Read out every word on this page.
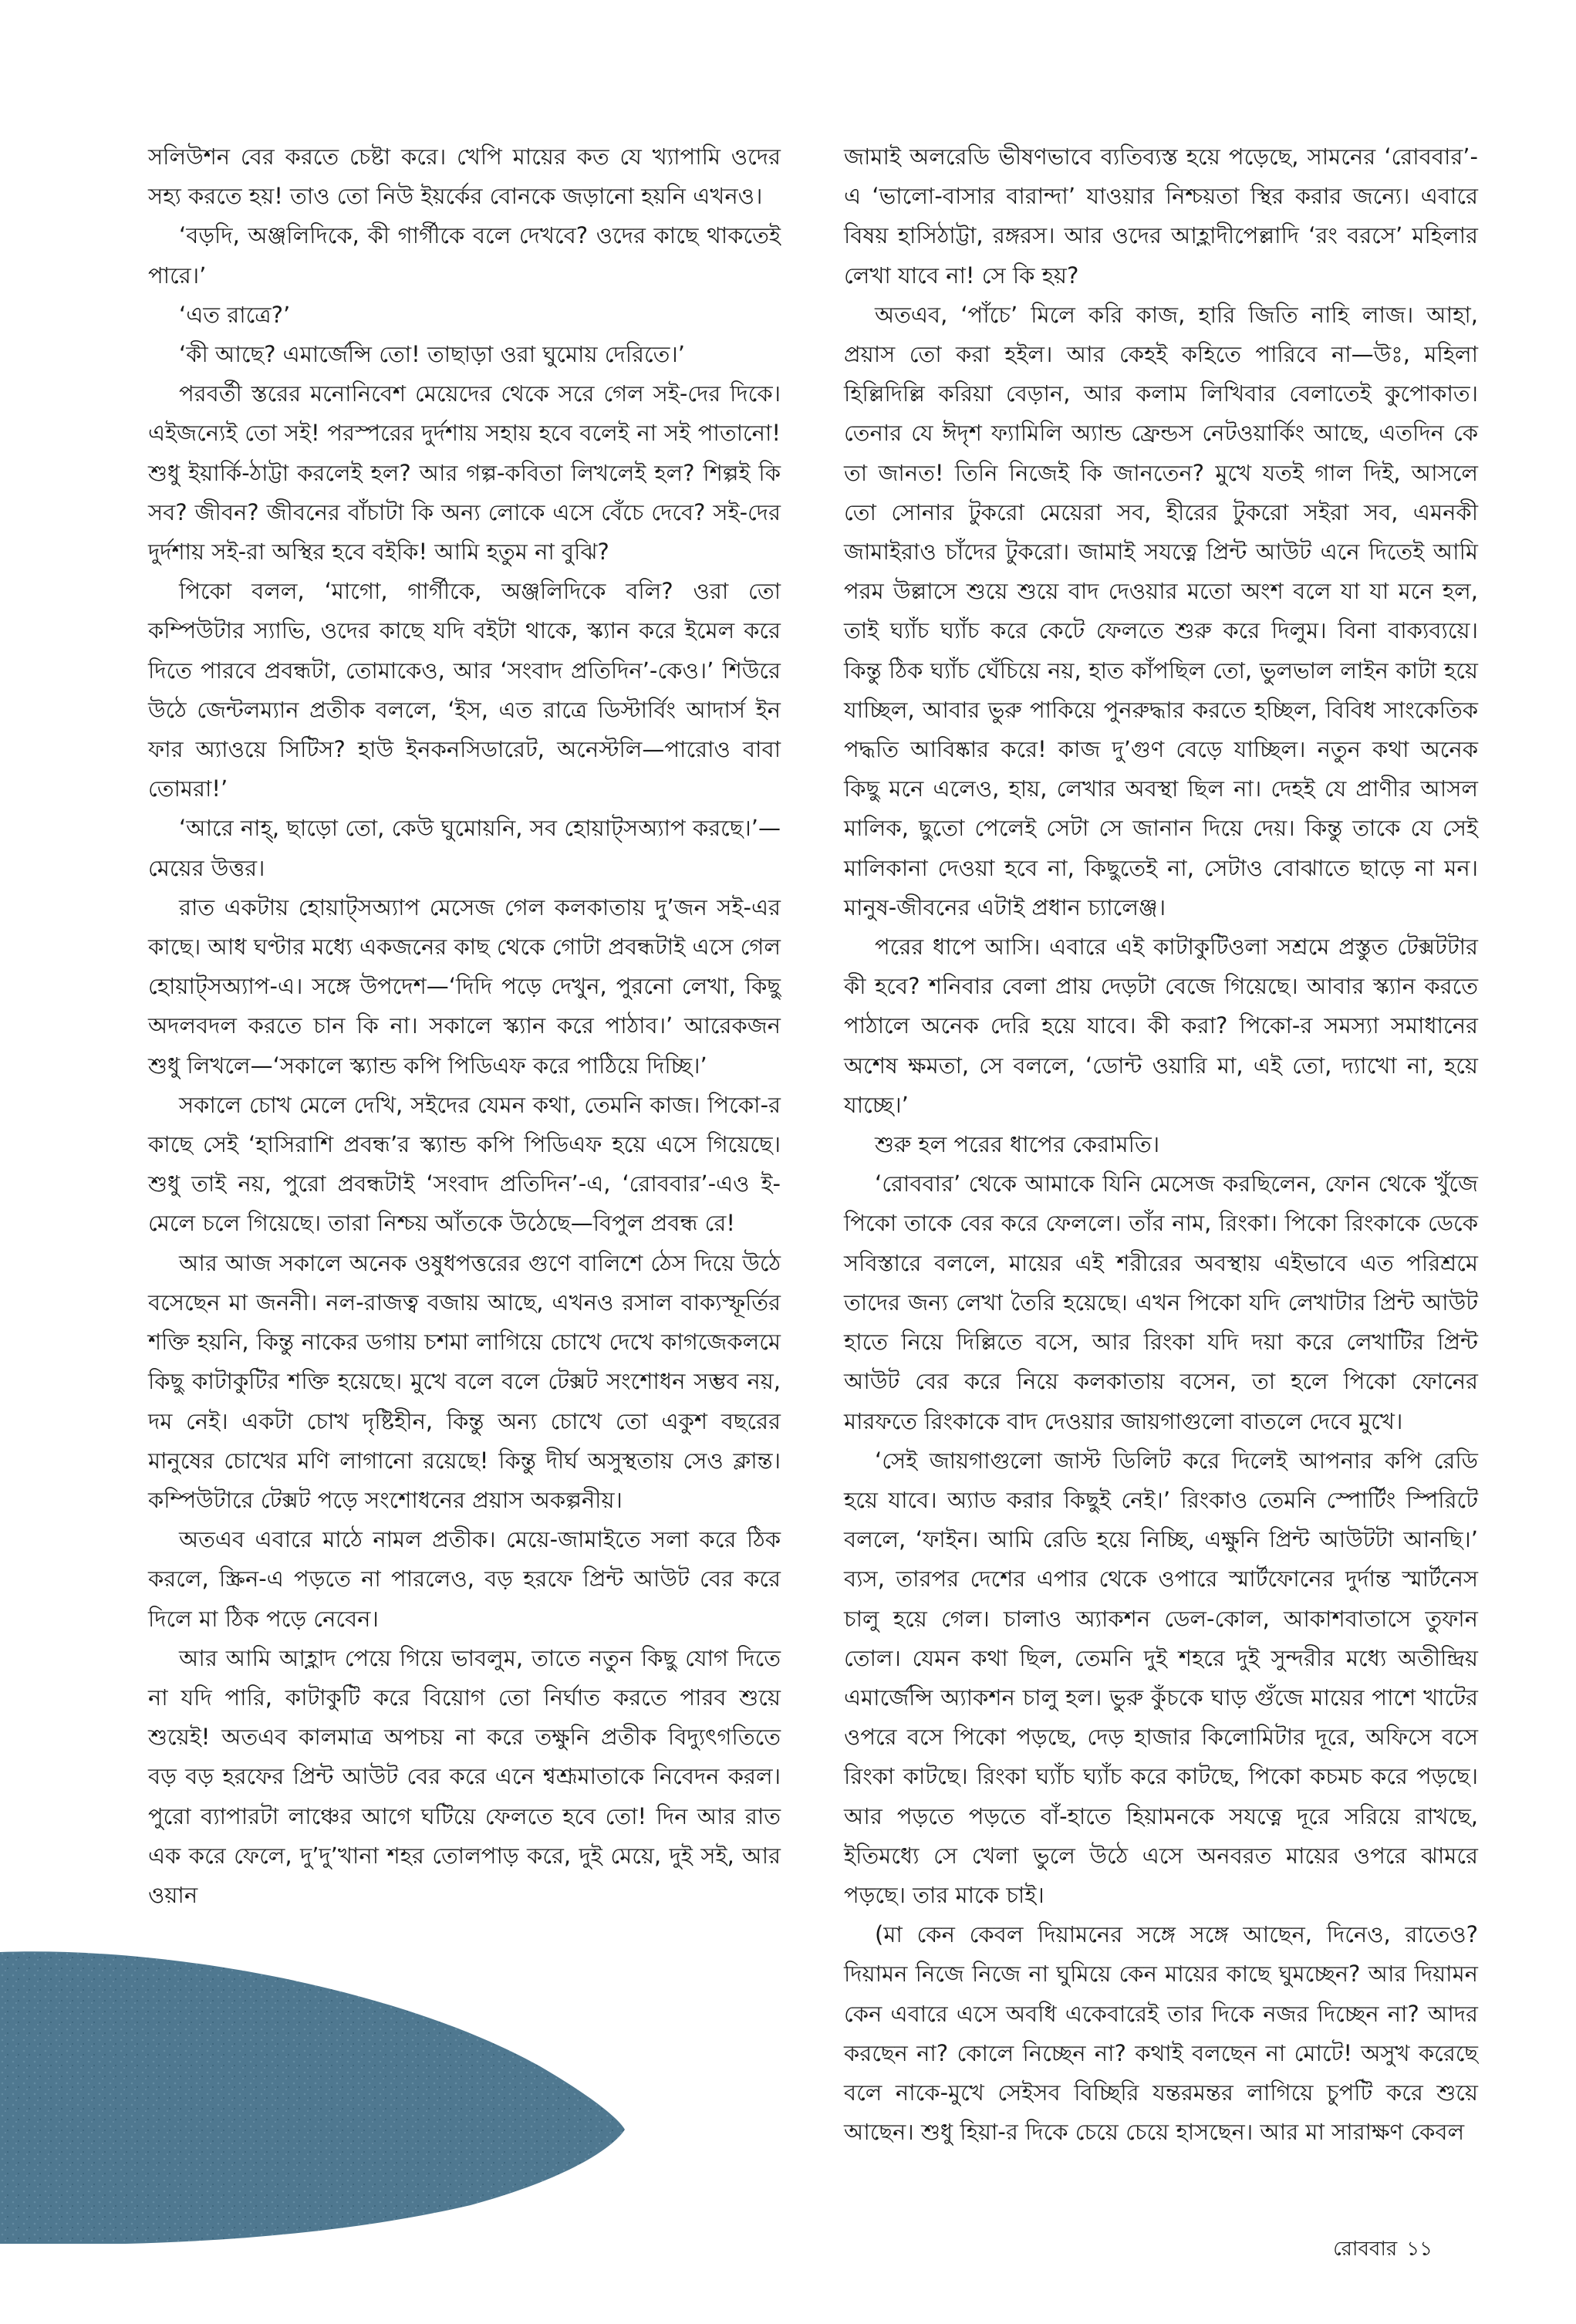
সলিউশন বের করতে চেষ্টা করে। খেপি মায়ের কত যে খ্যাপামি ওদের সহ্য করতে হয়! তাও তো নিউ ইয়র্কের বোনকে জড়ানো হয়নি এখনও।

‘বড়দি, অঞ্জলিদিকে, কী গার্গীকে বলে দেখবে? ওদের কাছে থাকতেই পারে।’

‘এত রাত্রে?’

‘কী আছে? এমার্জেন্সি তো! তাছাড়া ওরা ঘুমোয় দেরিতে।’

পরবর্তী স্তরের মনোনিবেশ মেয়েদের থেকে সরে গেল সই-দের দিকে। এইজন্যেই তো সই! পরস্পরের দুর্দশায় সহায় হবে বলেই না সই পাতানো! শুধু ইয়ার্কি-ঠাট্টা করলেই হল? আর গল্প-কবিতা লিখলেই হল? শিল্পই কি সব? জীবন? জীবনের বাঁচাটা কি অন্য লোকে এসে বেঁচে দেবে? সই-দের দুর্দশায় সই-রা অস্থির হবে বইকি! আমি হতুম না বুঝি?

পিকো বলল, ‘মাগো, গার্গীকে, অঞ্জলিদিকে বলি? ওরা তো কম্পিউটার স্যাভি, ওদের কাছে যদি বইটা থাকে, স্ক্যান করে ইমেল করে দিতে পারবে প্রবন্ধটা, তোমাকেও, আর ‘সংবাদ প্রতিদিন’-কেও।’ শিউরে উঠে জেন্টলম্যান প্রতীক বললে, ‘ইস, এত রাত্রে ডিস্টার্বিং আদার্স ইন ফার অ্যাওয়ে সিটিস? হাউ ইনকনসিডারেট, অনেস্টলি—পারোও বাবা তোমরা!’

‘আরে নাহ্, ছাড়ো তো, কেউ ঘুমোয়নি, সব হোয়াট্সঅ্যাপ করছে।’—মেয়ের উত্তর।

রাত একটায় হোয়াট্সঅ্যাপ মেসেজ গেল কলকাতায় দু’জন সই-এর কাছে। আধ ঘণ্টার মধ্যে একজনের কাছ থেকে গোটা প্রবন্ধটাই এসে গেল হোয়াট্সঅ্যাপ-এ। সঙ্গে উপদেশ—‘দিদি পড়ে দেখুন, পুরনো লেখা, কিছু অদলবদল করতে চান কি না। সকালে স্ক্যান করে পাঠাব।’ আরেকজন শুধু লিখলে—‘সকালে স্ক্যান্ড কপি পিডিএফ করে পাঠিয়ে দিচ্ছি।’

সকালে চোখ মেলে দেখি, সইদের যেমন কথা, তেমনি কাজ। পিকো-র কাছে সেই ‘হাসিরাশি প্রবন্ধ’র স্ক্যান্ড কপি পিডিএফ হয়ে এসে গিয়েছে। শুধু তাই নয়, পুরো প্রবন্ধটাই ‘সংবাদ প্রতিদিন’-এ, ‘রোববার’-এও ই-মেলে চলে গিয়েছে। তারা নিশ্চয় আঁতকে উঠেছে—বিপুল প্রবন্ধ রে!

আর আজ সকালে অনেক ওষুধপত্তরের গুণে বালিশে ঠেস দিয়ে উঠে বসেছেন মা জননী। নল-রাজত্ব বজায় আছে, এখনও রসাল বাক্যস্ফূর্তির শক্তি হয়নি, কিন্তু নাকের ডগায় চশমা লাগিয়ে চোখে দেখে কাগজেকলমে কিছু কাটাকুটির শক্তি হয়েছে। মুখে বলে বলে টেক্সট সংশোধন সম্ভব নয়, দম নেই। একটা চোখ দৃষ্টিহীন, কিন্তু অন্য চোখে তো একুশ বছরের মানুষের চোখের মণি লাগানো রয়েছে! কিন্তু দীর্ঘ অসুস্থতায় সেও ক্লান্ত। কম্পিউটারে টেক্সট পড়ে সংশোধনের প্রয়াস অকল্পনীয়।

অতএব এবারে মাঠে নামল প্রতীক। মেয়ে-জামাইতে সলা করে ঠিক করলে, স্ক্রিন-এ পড়তে না পারলেও, বড় হরফে প্রিন্ট আউট বের করে দিলে মা ঠিক পড়ে নেবেন।

আর আমি আহ্লাদ পেয়ে গিয়ে ভাবলুম, তাতে নতুন কিছু যোগ দিতে না যদি পারি, কাটাকুটি করে বিয়োগ তো নির্ঘাত করতে পারব শুয়ে শুয়েই! অতএব কালমাত্র অপচয় না করে তক্ষুনি প্রতীক বিদ্যুৎগতিতে বড় বড় হরফের প্রিন্ট আউট বের করে এনে শ্বশ্রূমাতাকে নিবেদন করল। পুরো ব্যাপারটা লাঞ্চের আগে ঘটিয়ে ফেলতে হবে তো! দিন আর রাত এক করে ফেলে, দু’দু’খানা শহর তোলপাড় করে, দুই মেয়ে, দুই সই, আর ওয়ান

জামাই অলরেডি ভীষণভাবে ব্যতিব্যস্ত হয়ে পড়েছে, সামনের ‘রোববার’-এ ‘ভালো-বাসার বারান্দা’ যাওয়ার নিশ্চয়তা স্থির করার জন্যে। এবারে বিষয় হাসিঠাট্টা, রঙ্গরস। আর ওদের আহ্লাদীপেল্লাদি ‘রং বরসে’ মহিলার লেখা যাবে না! সে কি হয়?

অতএব, ‘পাঁচে’ মিলে করি কাজ, হারি জিতি নাহি লাজ। আহা, প্রয়াস তো করা হইল। আর কেহই কহিতে পারিবে না—উঃ, মহিলা হিল্লিদিল্লি করিয়া বেড়ান, আর কলাম লিখিবার বেলাতেই কুপোকাত। তেনার যে ঈদৃশ ফ্যামিলি অ্যান্ড ফ্রেন্ডস নেটওয়ার্কিং আছে, এতদিন কে তা জানত! তিনি নিজেই কি জানতেন? মুখে যতই গাল দিই, আসলে তো সোনার টুকরো মেয়েরা সব, হীরের টুকরো সইরা সব, এমনকী জামাইরাও চাঁদের টুকরো। জামাই সযত্নে প্রিন্ট আউট এনে দিতেই আমি পরম উল্লাসে শুয়ে শুয়ে বাদ দেওয়ার মতো অংশ বলে যা যা মনে হল, তাই ঘ্যাঁচ ঘ্যাঁচ করে কেটে ফেলতে শুরু করে দিলুম। বিনা বাক্যব্যয়ে। কিন্তু ঠিক ঘ্যাঁচ ঘেঁচিয়ে নয়, হাত কাঁপছিল তো, ভুলভাল লাইন কাটা হয়ে যাচ্ছিল, আবার ভুরু পাকিয়ে পুনরুদ্ধার করতে হচ্ছিল, বিবিধ সাংকেতিক পদ্ধতি আবিষ্কার করে! কাজ দু’গুণ বেড়ে যাচ্ছিল। নতুন কথা অনেক কিছু মনে এলেও, হায়, লেখার অবস্থা ছিল না। দেহই যে প্রাণীর আসল মালিক, ছুতো পেলেই সেটা সে জানান দিয়ে দেয়। কিন্তু তাকে যে সেই মালিকানা দেওয়া হবে না, কিছুতেই না, সেটাও বোঝাতে ছাড়ে না মন। মানুষ-জীবনের এটাই প্রধান চ্যালেঞ্জ।

পরের ধাপে আসি। এবারে এই কাটাকুটিওলা সশ্রমে প্রস্তুত টেক্সটটার কী হবে? শনিবার বেলা প্রায় দেড়টা বেজে গিয়েছে। আবার স্ক্যান করতে পাঠালে অনেক দেরি হয়ে যাবে। কী করা? পিকো-র সমস্যা সমাধানের অশেষ ক্ষমতা, সে বললে, ‘ডোন্ট ওয়ারি মা, এই তো, দ্যাখো না, হয়ে যাচ্ছে।’

শুরু হল পরের ধাপের কেরামতি।

‘রোববার’ থেকে আমাকে যিনি মেসেজ করছিলেন, ফোন থেকে খুঁজে পিকো তাকে বের করে ফেললে। তাঁর নাম, রিংকা। পিকো রিংকাকে ডেকে সবিস্তারে বললে, মায়ের এই শরীরের অবস্থায় এইভাবে এত পরিশ্রমে তাদের জন্য লেখা তৈরি হয়েছে। এখন পিকো যদি লেখাটার প্রিন্ট আউট হাতে নিয়ে দিল্লিতে বসে, আর রিংকা যদি দয়া করে লেখাটির প্রিন্ট আউট বের করে নিয়ে কলকাতায় বসেন, তা হলে পিকো ফোনের মারফতে রিংকাকে বাদ দেওয়ার জায়গাগুলো বাতলে দেবে মুখে।

‘সেই জায়গাগুলো জাস্ট ডিলিট করে দিলেই আপনার কপি রেডি হয়ে যাবে। অ্যাড করার কিছুই নেই।’ রিংকাও তেমনি স্পোর্টিং স্পিরিটে বললে, ‘ফাইন। আমি রেডি হয়ে নিচ্ছি, এক্ষুনি প্রিন্ট আউটটা আনছি।’ ব্যস, তারপর দেশের এপার থেকে ওপারে স্মার্টফোনের দুর্দান্ত স্মার্টনেস চালু হয়ে গেল। চালাও অ্যাকশন ডেল-কোল, আকাশবাতাসে তুফান তোল। যেমন কথা ছিল, তেমনি দুই শহরে দুই সুন্দরীর মধ্যে অতীন্দ্রিয় এমার্জেন্সি অ্যাকশন চালু হল। ভুরু কুঁচকে ঘাড় গুঁজে মায়ের পাশে খাটের ওপরে বসে পিকো পড়ছে, দেড় হাজার কিলোমিটার দূরে, অফিসে বসে রিংকা কাটছে। রিংকা ঘ্যাঁচ ঘ্যাঁচ করে কাটছে, পিকো কচমচ করে পড়ছে। আর পড়তে পড়তে বাঁ-হাতে হিয়ামনকে সযত্নে দূরে সরিয়ে রাখছে, ইতিমধ্যে সে খেলা ভুলে উঠে এসে অনবরত মায়ের ওপরে ঝামরে পড়ছে। তার মাকে চাই।

(মা কেন কেবল দিয়ামনের সঙ্গে সঙ্গে আছেন, দিনেও, রাতেও? দিয়ামন নিজে নিজে না ঘুমিয়ে কেন মায়ের কাছে ঘুমচ্ছেন? আর দিয়ামন কেন এবারে এসে অবধি একেবারেই তার দিকে নজর দিচ্ছেন না? আদর করছেন না? কোলে নিচ্ছেন না? কথাই বলছেন না মোটে! অসুখ করেছে বলে নাকে-মুখে সেইসব বিচ্ছিরি যন্তরমন্তর লাগিয়ে চুপটি করে শুয়ে আছেন। শুধু হিয়া-র দিকে চেয়ে চেয়ে হাসছেন। আর মা সারাক্ষণ কেবল

রোববার ১১
